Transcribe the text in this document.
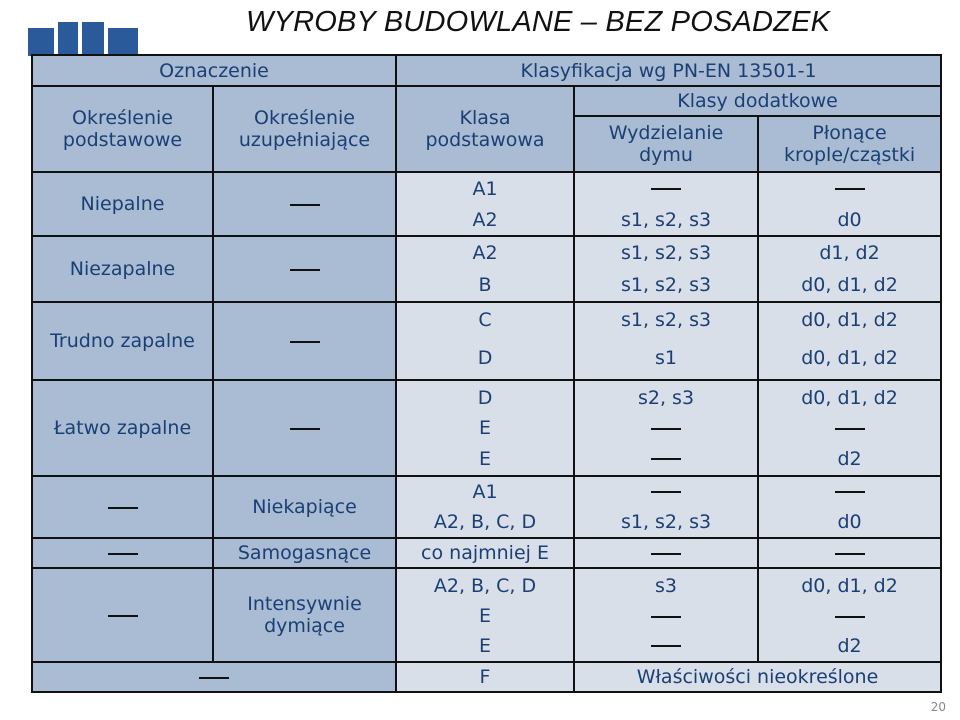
WYROBY BUDOWLANE – BEZ POSADZEK
Oznaczenie		Klasyfikacja wg PN-EN 13501-1		
Określenie podstawowe	Określenie uzupełniające	Klasa podstawowa	Klasy dodatkowe	
			Wydzielanie dymu	Płonące krople/cząstki
Niepalne		A1		
		A2	s1, s2, s3	d0
Niezapalne		A2	s1, s2, s3	d1, d2
		B	s1, s2, s3	d0, d1, d2
Trudno zapalne		C	s1, s2, s3	d0, d1, d2
		D	s1	d0, d1, d2
Łatwo zapalne		D	s2, s3	d0, d1, d2
		E		
		E		d2
	Niekapiące	A1		
		A2, B, C, D	s1, s2, s3	d0
	Samogasnące	co najmniej E		
	Intensywnie dymiące	A2, B, C, D	s3	d0, d1, d2
		E		
		E		d2
		F	Właściwości nieokreślone	
20
